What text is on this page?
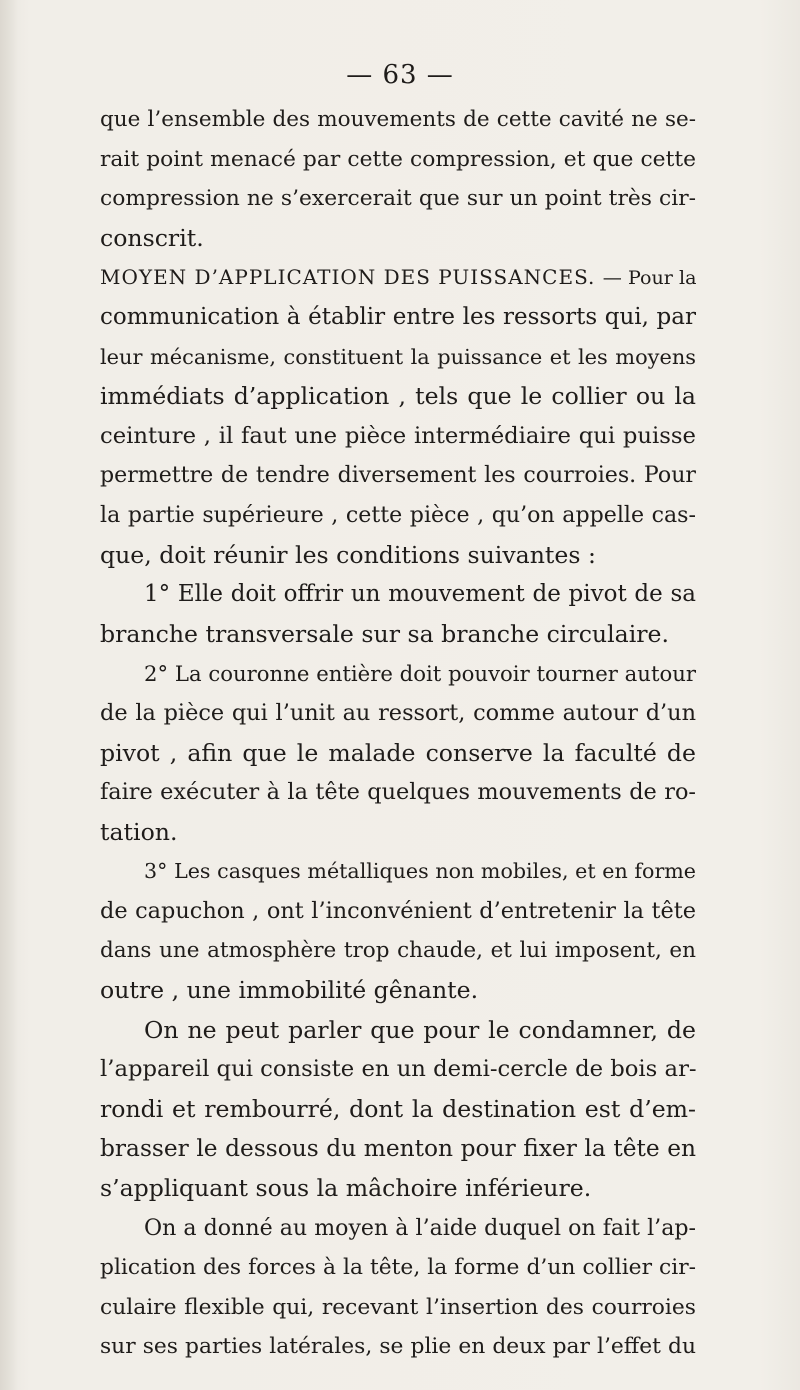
— 63 —
que l’ensemble des mouvements de cette cavité ne se-
rait point menacé par cette compression, et que cette
compression ne s’exercerait que sur un point très cir-
conscrit.
MOYEN D’APPLICATION DES PUISSANCES. — Pour la
communication à établir entre les ressorts qui, par
leur mécanisme, constituent la puissance et les moyens
immédiats d’application , tels que le collier ou la
ceinture , il faut une pièce intermédiaire qui puisse
permettre de tendre diversement les courroies. Pour
la partie supérieure , cette pièce , qu’on appelle cas-
que, doit réunir les conditions suivantes :
1° Elle doit offrir un mouvement de pivot de sa
branche transversale sur sa branche circulaire.
2° La couronne entière doit pouvoir tourner autour
de la pièce qui l’unit au ressort, comme autour d’un
pivot , afin que le malade conserve la faculté de
faire exécuter à la tête quelques mouvements de ro-
tation.
3° Les casques métalliques non mobiles, et en forme
de capuchon , ont l’inconvénient d’entretenir la tête
dans une atmosphère trop chaude, et lui imposent, en
outre , une immobilité gênante.
On ne peut parler que pour le condamner, de
l’appareil qui consiste en un demi-cercle de bois ar-
rondi et rembourré, dont la destination est d’em-
brasser le dessous du menton pour fixer la tête en
s’appliquant sous la mâchoire inférieure.
On a donné au moyen à l’aide duquel on fait l’ap-
plication des forces à la tête, la forme d’un collier cir-
culaire flexible qui, recevant l’insertion des courroies
sur ses parties latérales, se plie en deux par l’effet du
